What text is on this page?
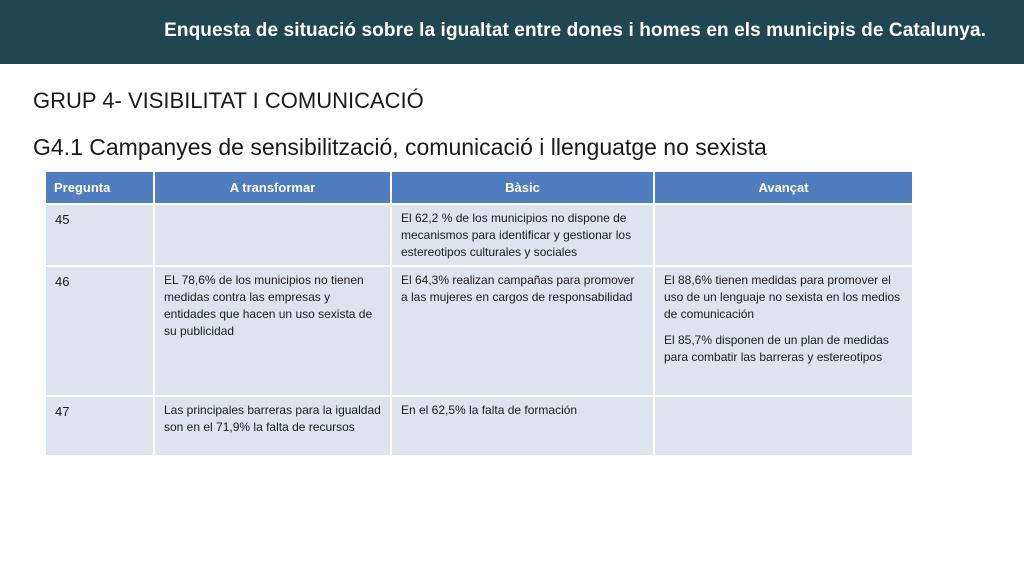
Enquesta de situació sobre la igualtat entre dones i homes en els municipis de Catalunya.
GRUP 4- VISIBILITAT I COMUNICACIÓ
G4.1 Campanyes de sensibilització, comunicació i llenguatge no sexista
Pregunta	A transformar	Bàsic	Avançat
45		El 62,2 % de los municipios no dispone de mecanismos para identificar y gestionar los estereotipos culturales y sociales	
46	EL 78,6% de los municipios no tienen medidas contra las empresas y entidades que hacen un uso sexista de su publicidad	El 64,3% realizan campañas para promover a las mujeres en cargos de responsabilidad	El 88,6% tienen medidas para promover el uso de un lenguaje no sexista en los medios de comunicación

El 85,7% disponen de un plan de medidas para combatir las barreras y estereotipos

47	Las principales barreras para la igualdad son en el 71,9% la falta de recursos	En el 62,5% la falta de formación	
